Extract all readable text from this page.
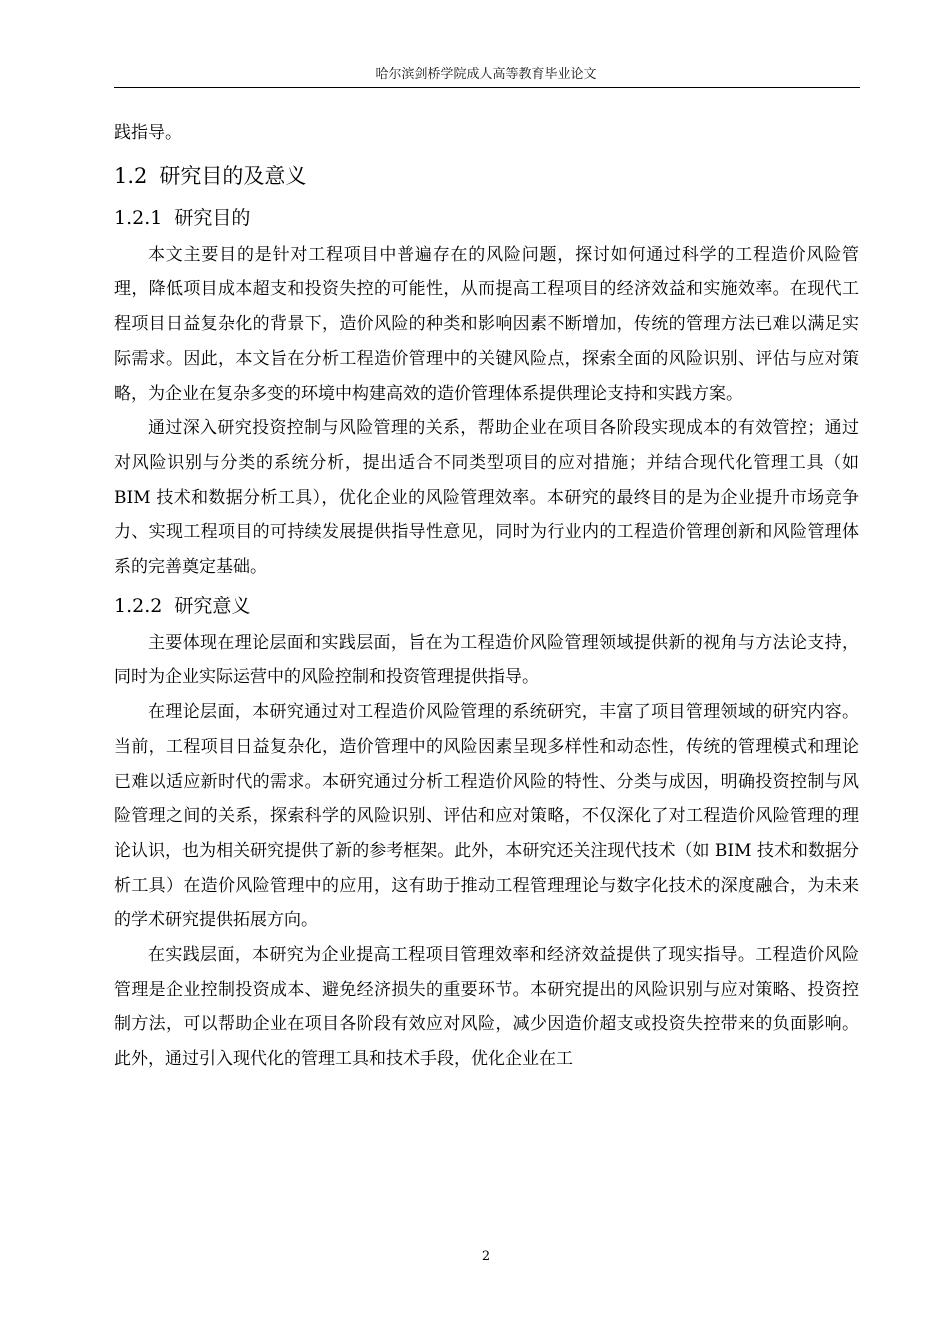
哈尔滨剑桥学院成人高等教育毕业论文

践指导。

1.2 研究目的及意义
1.2.1 研究目的

本文主要目的是针对工程项目中普遍存在的风险问题，探讨如何通过科学的工程造价风险管理，降低项目成本超支和投资失控的可能性，从而提高工程项目的经济效益和实施效率。在现代工程项目日益复杂化的背景下，造价风险的种类和影响因素不断增加，传统的管理方法已难以满足实际需求。因此，本文旨在分析工程造价管理中的关键风险点，探索全面的风险识别、评估与应对策略，为企业在复杂多变的环境中构建高效的造价管理体系提供理论支持和实践方案。

通过深入研究投资控制与风险管理的关系，帮助企业在项目各阶段实现成本的有效管控；通过对风险识别与分类的系统分析，提出适合不同类型项目的应对措施；并结合现代化管理工具（如 BIM 技术和数据分析工具），优化企业的风险管理效率。本研究的最终目的是为企业提升市场竞争力、实现工程项目的可持续发展提供指导性意见，同时为行业内的工程造价管理创新和风险管理体系的完善奠定基础。

1.2.2 研究意义

主要体现在理论层面和实践层面，旨在为工程造价风险管理领域提供新的视角与方法论支持，同时为企业实际运营中的风险控制和投资管理提供指导。

在理论层面，本研究通过对工程造价风险管理的系统研究，丰富了项目管理领域的研究内容。当前，工程项目日益复杂化，造价管理中的风险因素呈现多样性和动态性，传统的管理模式和理论已难以适应新时代的需求。本研究通过分析工程造价风险的特性、分类与成因，明确投资控制与风险管理之间的关系，探索科学的风险识别、评估和应对策略，不仅深化了对工程造价风险管理的理论认识，也为相关研究提供了新的参考框架。此外，本研究还关注现代技术（如 BIM 技术和数据分析工具）在造价风险管理中的应用，这有助于推动工程管理理论与数字化技术的深度融合，为未来的学术研究提供拓展方向。

在实践层面，本研究为企业提高工程项目管理效率和经济效益提供了现实指导。工程造价风险管理是企业控制投资成本、避免经济损失的重要环节。本研究提出的风险识别与应对策略、投资控制方法，可以帮助企业在项目各阶段有效应对风险，减少因造价超支或投资失控带来的负面影响。此外，通过引入现代化的管理工具和技术手段，优化企业在工

2
